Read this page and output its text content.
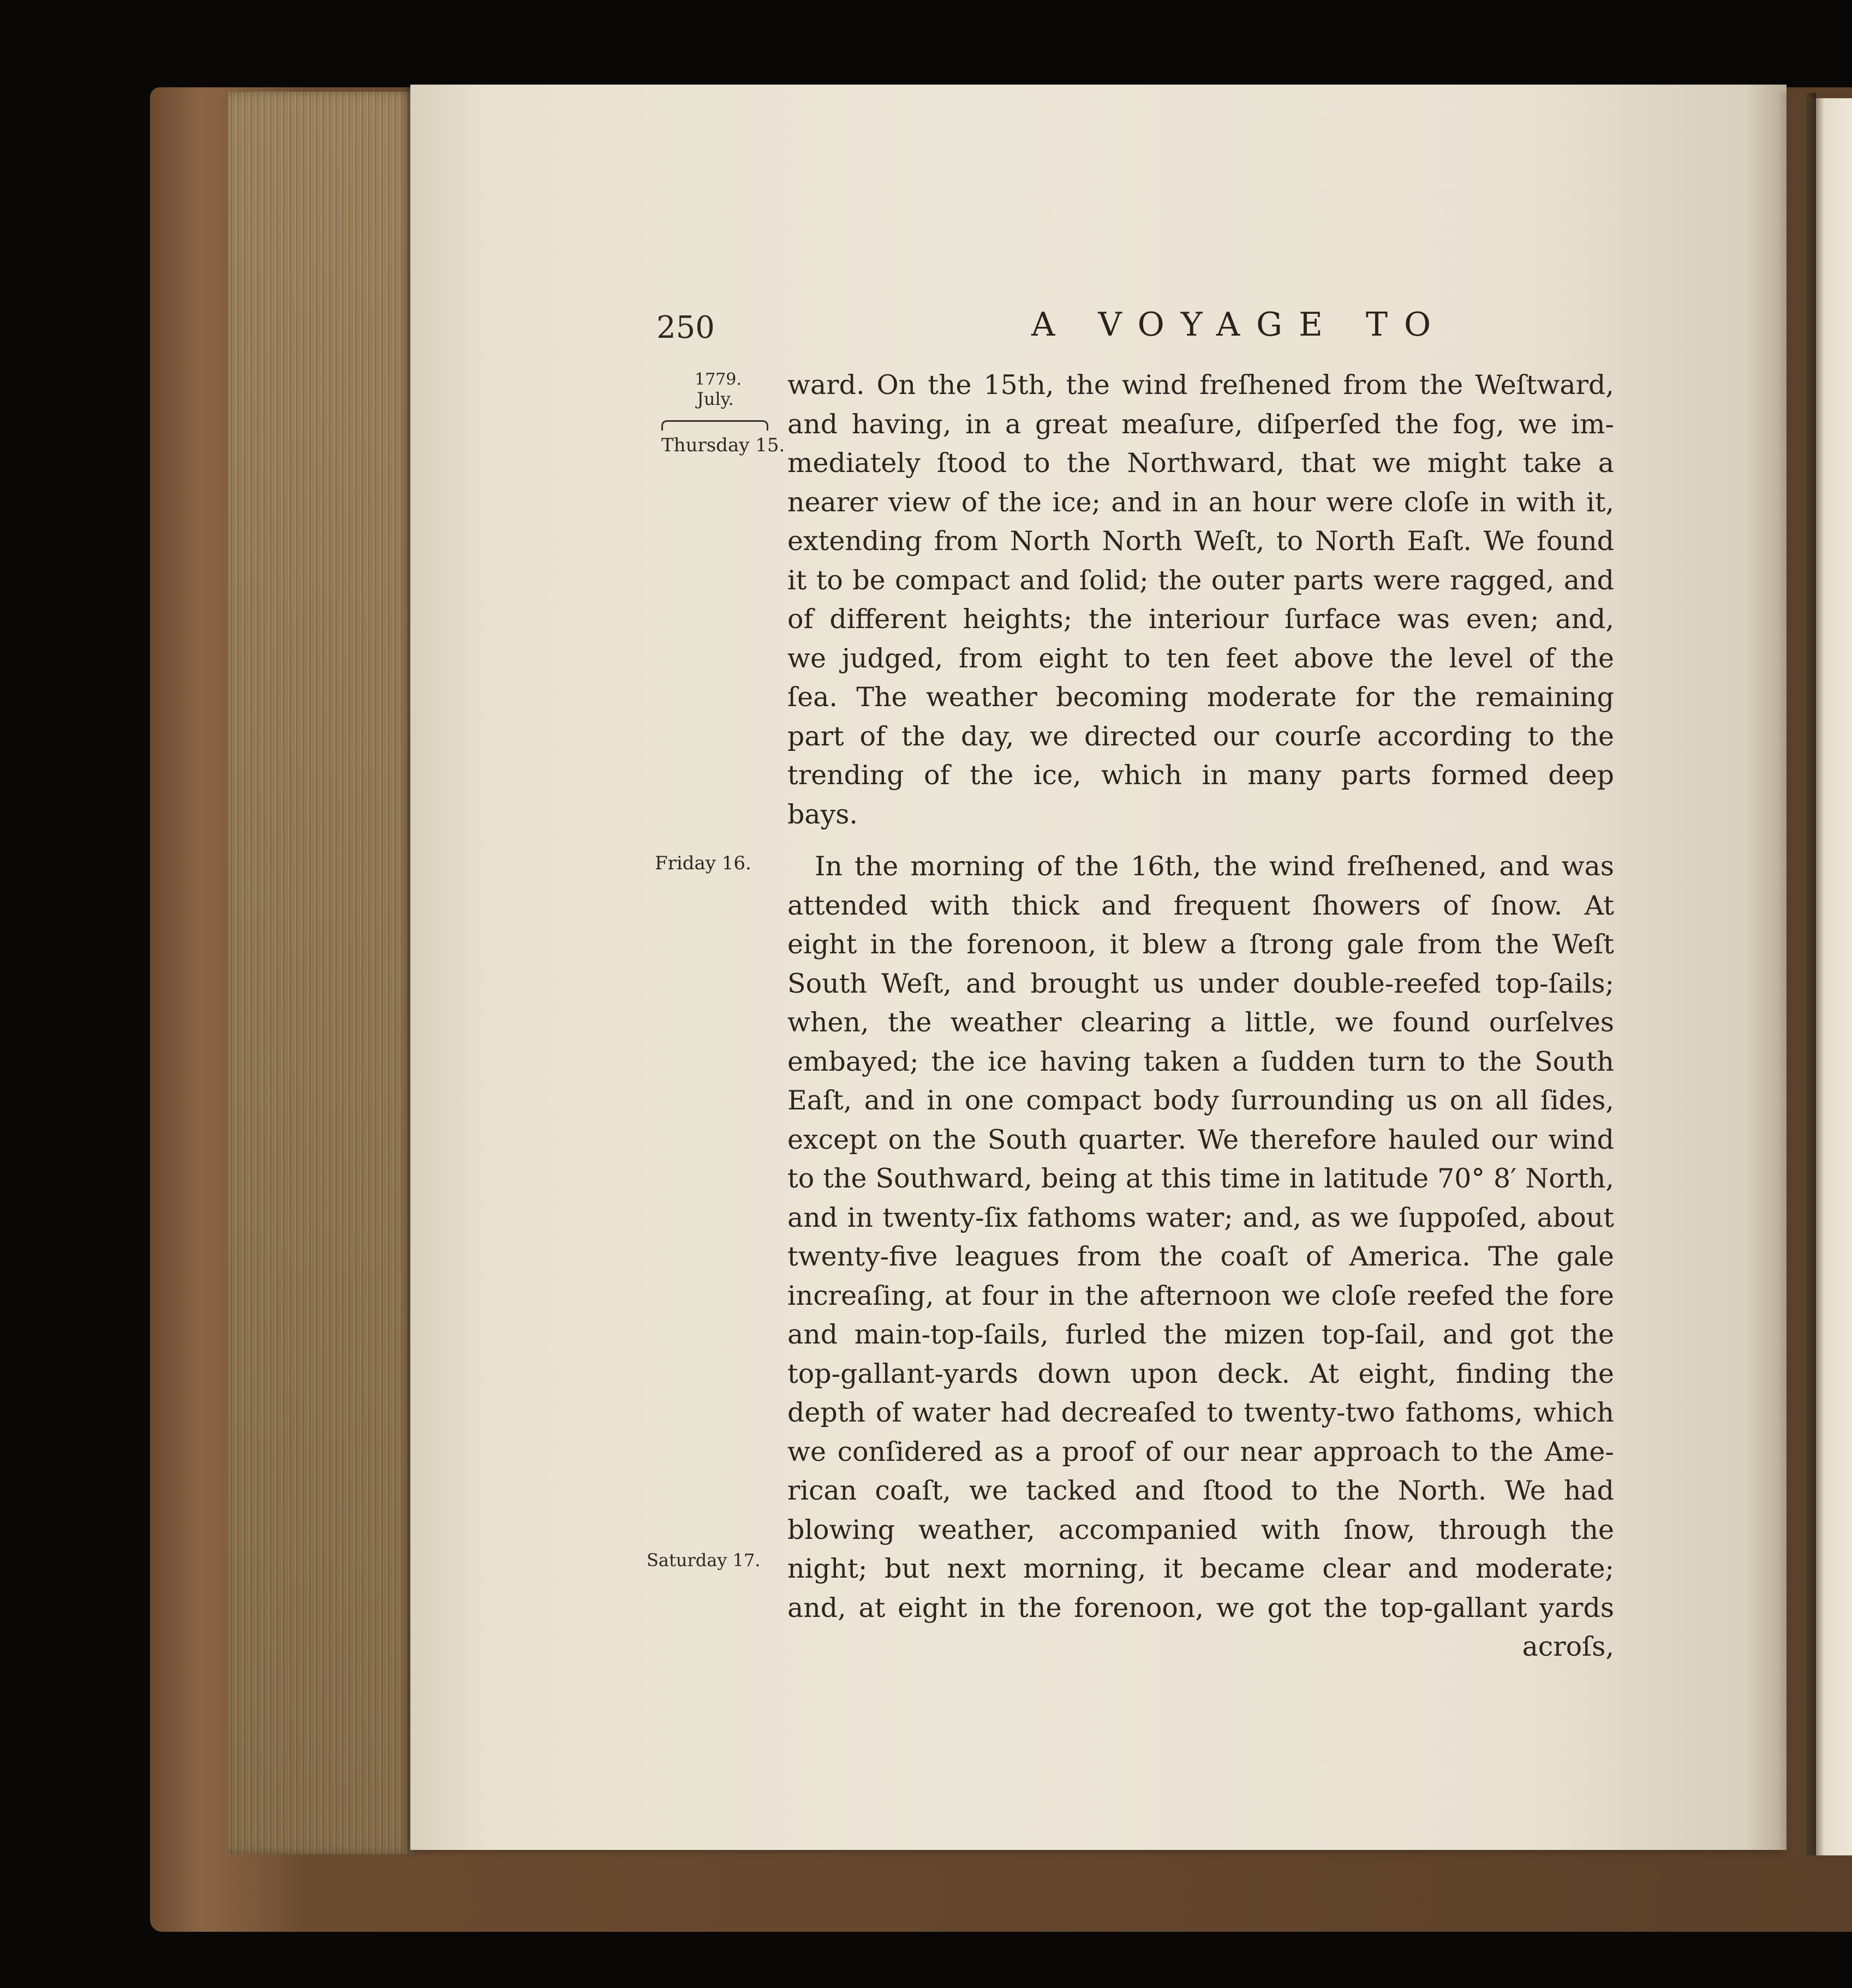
250	A VOYAGE TO
1779.
July.
Thursday 15.
Friday 16.
Saturday 17.
ward. On the 15th, the wind freſhened from the Weſtward,
and having, in a great meaſure, diſperſed the fog, we im-
mediately ſtood to the Northward, that we might take a
nearer view of the ice; and in an hour were cloſe in with it,
extending from North North Weſt, to North Eaſt. We found
it to be compact and ſolid; the outer parts were ragged, and
of different heights; the interiour ſurface was even; and,
we judged, from eight to ten feet above the level of the
ſea. The weather becoming moderate for the remaining
part of the day, we directed our courſe according to the
trending of the ice, which in many parts formed deep
bays.
In the morning of the 16th, the wind freſhened, and was
attended with thick and frequent ſhowers of ſnow. At
eight in the forenoon, it blew a ſtrong gale from the Weſt
South Weſt, and brought us under double-reefed top-ſails;
when, the weather clearing a little, we found ourſelves
embayed; the ice having taken a ſudden turn to the South
Eaſt, and in one compact body ſurrounding us on all ſides,
except on the South quarter. We therefore hauled our wind
to the Southward, being at this time in latitude 70° 8′ North,
and in twenty-ſix fathoms water; and, as we ſuppoſed, about
twenty-five leagues from the coaſt of America. The gale
increaſing, at four in the afternoon we cloſe reefed the fore
and main-top-ſails, furled the mizen top-ſail, and got the
top-gallant-yards down upon deck. At eight, finding the
depth of water had decreaſed to twenty-two fathoms, which
we conſidered as a proof of our near approach to the Ame-
rican coaſt, we tacked and ſtood to the North. We had
blowing weather, accompanied with ſnow, through the
night; but next morning, it became clear and moderate;
and, at eight in the forenoon, we got the top-gallant yards
acroſs,
